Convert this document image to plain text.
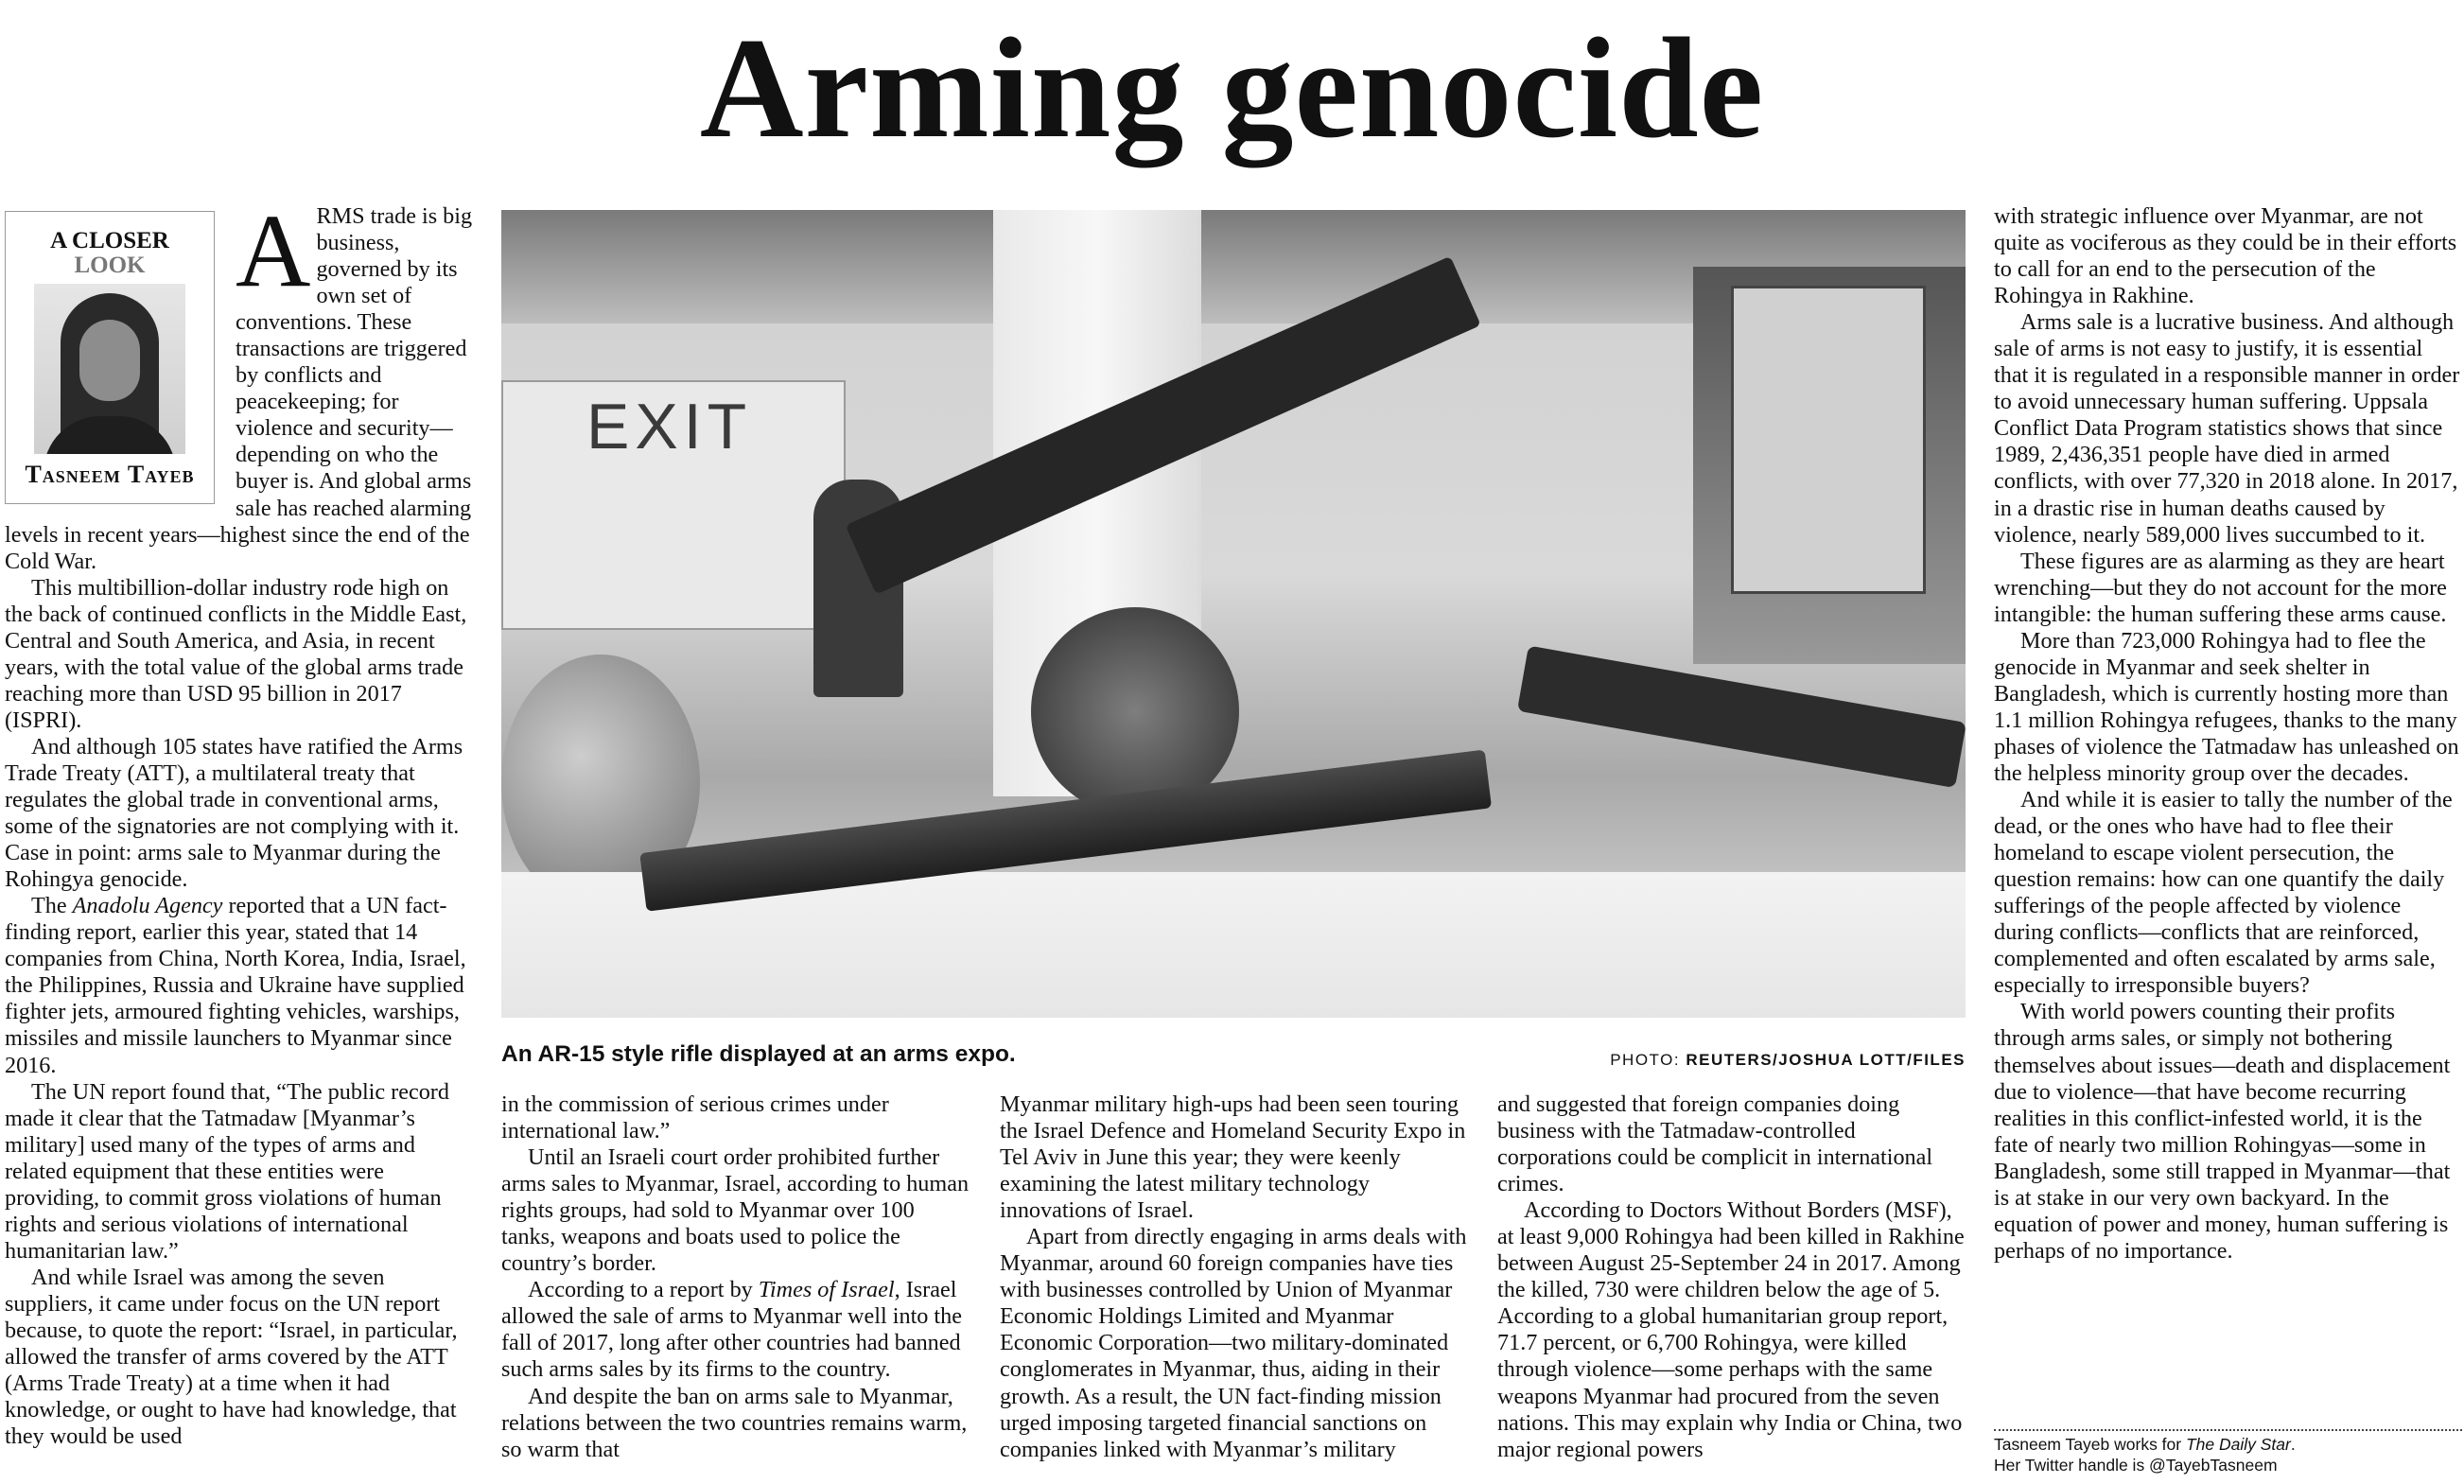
Arming genocide
A CLOSER
LOOK
Tasneem Tayeb

ARMS trade is big business, governed by its own set of conventions. These transactions are triggered by conflicts and peacekeeping; for violence and security—depending on who the buyer is. And global arms sale has reached alarming levels in recent years—highest since the end of the Cold War.

This multibillion-dollar industry rode high on the back of continued conflicts in the Middle East, Central and South America, and Asia, in recent years, with the total value of the global arms trade reaching more than USD 95 billion in 2017 (ISPRI).

And although 105 states have ratified the Arms Trade Treaty (ATT), a multilateral treaty that regulates the global trade in conventional arms, some of the signatories are not complying with it. Case in point: arms sale to Myanmar during the Rohingya genocide.

The Anadolu Agency reported that a UN fact-finding report, earlier this year, stated that 14 companies from China, North Korea, India, Israel, the Philippines, Russia and Ukraine have supplied fighter jets, armoured fighting vehicles, warships, missiles and missile launchers to Myanmar since 2016.

The UN report found that, “The public record made it clear that the Tatmadaw [Myanmar’s military] used many of the types of arms and related equipment that these entities were providing, to commit gross violations of human rights and serious violations of international humanitarian law.”

And while Israel was among the seven suppliers, it came under focus on the UN report because, to quote the report: “Israel, in particular, allowed the transfer of arms covered by the ATT (Arms Trade Treaty) at a time when it had knowledge, or ought to have had knowledge, that they would be used

EXIT
An AR-15 style rifle displayed at an arms expo.	PHOTO: REUTERS/JOSHUA LOTT/FILES

in the commission of serious crimes under international law.”

Until an Israeli court order prohibited further arms sales to Myanmar, Israel, according to human rights groups, had sold to Myanmar over 100 tanks, weapons and boats used to police the country’s border.

According to a report by Times of Israel, Israel allowed the sale of arms to Myanmar well into the fall of 2017, long after other countries had banned such arms sales by its firms to the country.

And despite the ban on arms sale to Myanmar, relations between the two countries remains warm, so warm that

Myanmar military high-ups had been seen touring the Israel Defence and Homeland Security Expo in Tel Aviv in June this year; they were keenly examining the latest military technology innovations of Israel.

Apart from directly engaging in arms deals with Myanmar, around 60 foreign companies have ties with businesses controlled by Union of Myanmar Economic Holdings Limited and Myanmar Economic Corporation—two military-dominated conglomerates in Myanmar, thus, aiding in their growth. As a result, the UN fact-finding mission urged imposing targeted financial sanctions on companies linked with Myanmar’s military

and suggested that foreign companies doing business with the Tatmadaw-controlled corporations could be complicit in international crimes.

According to Doctors Without Borders (MSF), at least 9,000 Rohingya had been killed in Rakhine between August 25-September 24 in 2017. Among the killed, 730 were children below the age of 5. According to a global humanitarian group report, 71.7 percent, or 6,700 Rohingya, were killed through violence—some perhaps with the same weapons Myanmar had procured from the seven nations. This may explain why India or China, two major regional powers

with strategic influence over Myanmar, are not quite as vociferous as they could be in their efforts to call for an end to the persecution of the Rohingya in Rakhine.

Arms sale is a lucrative business. And although sale of arms is not easy to justify, it is essential that it is regulated in a responsible manner in order to avoid unnecessary human suffering. Uppsala Conflict Data Program statistics shows that since 1989, 2,436,351 people have died in armed conflicts, with over 77,320 in 2018 alone. In 2017, in a drastic rise in human deaths caused by violence, nearly 589,000 lives succumbed to it.

These figures are as alarming as they are heart wrenching—but they do not account for the more intangible: the human suffering these arms cause.

More than 723,000 Rohingya had to flee the genocide in Myanmar and seek shelter in Bangladesh, which is currently hosting more than 1.1 million Rohingya refugees, thanks to the many phases of violence the Tatmadaw has unleashed on the helpless minority group over the decades.

And while it is easier to tally the number of the dead, or the ones who have had to flee their homeland to escape violent persecution, the question remains: how can one quantify the daily sufferings of the people affected by violence during conflicts—conflicts that are reinforced, complemented and often escalated by arms sale, especially to irresponsible buyers?

With world powers counting their profits through arms sales, or simply not bothering themselves about issues—death and displacement due to violence—that have become recurring realities in this conflict-infested world, it is the fate of nearly two million Rohingyas—some in Bangladesh, some still trapped in Myanmar—that is at stake in our very own backyard. In the equation of power and money, human suffering is perhaps of no importance.

Tasneem Tayeb works for The Daily Star.
Her Twitter handle is @TayebTasneem
